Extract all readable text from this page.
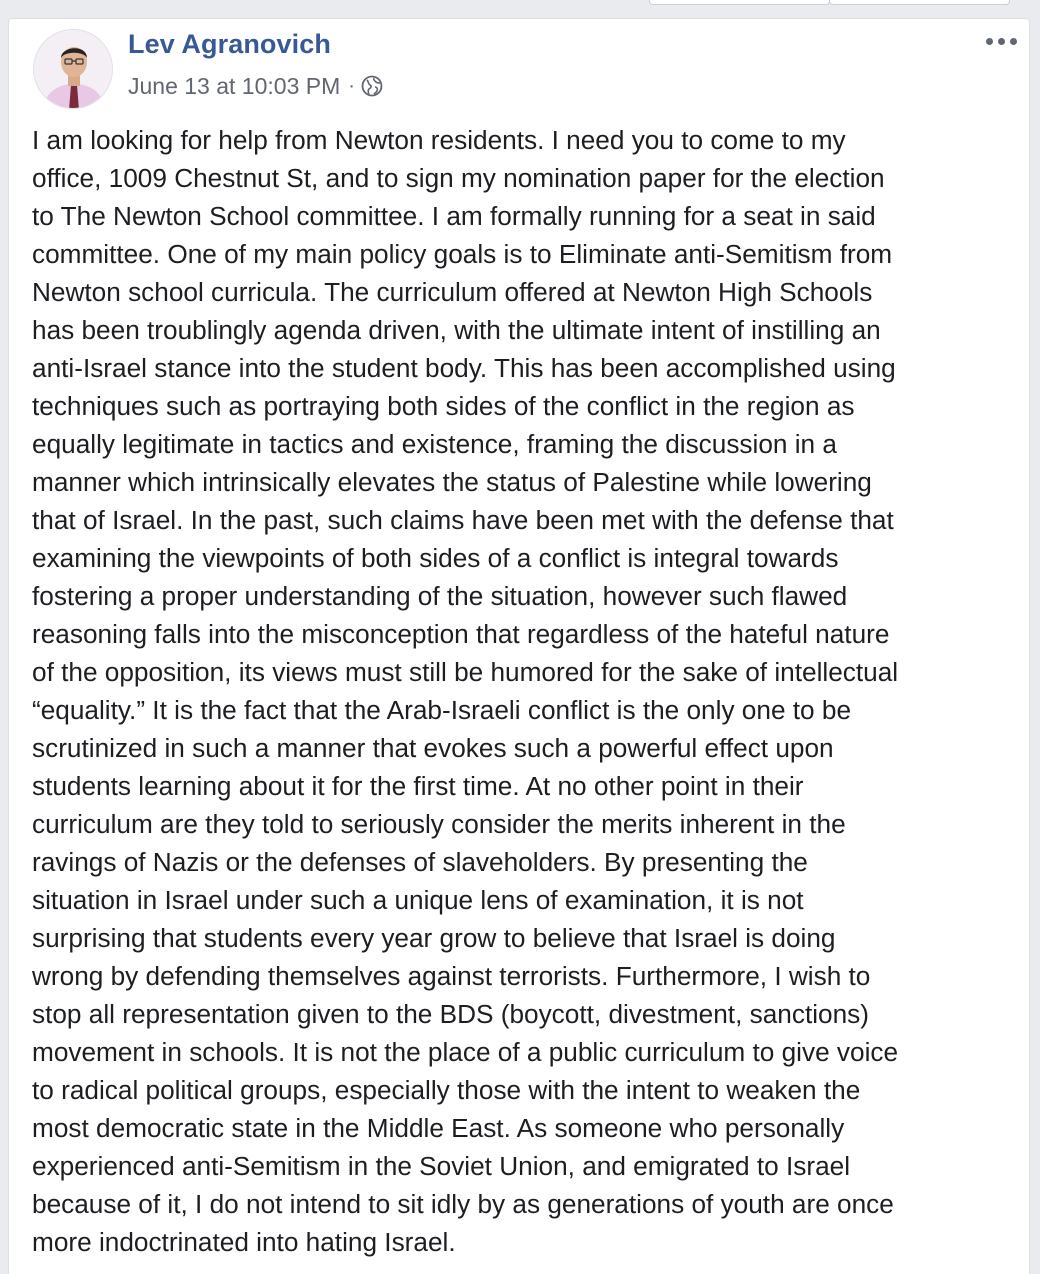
Lev Agranovich
June 13 at 10:03 PM ·

I am looking for help from Newton residents. I need you to come to my
office, 1009 Chestnut St, and to sign my nomination paper for the election
to The Newton School committee. I am formally running for a seat in said
committee. One of my main policy goals is to Eliminate anti-Semitism from
Newton school curricula. The curriculum offered at Newton High Schools
has been troublingly agenda driven, with the ultimate intent of instilling an
anti-Israel stance into the student body. This has been accomplished using
techniques such as portraying both sides of the conflict in the region as
equally legitimate in tactics and existence, framing the discussion in a
manner which intrinsically elevates the status of Palestine while lowering
that of Israel. In the past, such claims have been met with the defense that
examining the viewpoints of both sides of a conflict is integral towards
fostering a proper understanding of the situation, however such flawed
reasoning falls into the misconception that regardless of the hateful nature
of the opposition, its views must still be humored for the sake of intellectual
“equality.” It is the fact that the Arab-Israeli conflict is the only one to be
scrutinized in such a manner that evokes such a powerful effect upon
students learning about it for the first time. At no other point in their
curriculum are they told to seriously consider the merits inherent in the
ravings of Nazis or the defenses of slaveholders. By presenting the
situation in Israel under such a unique lens of examination, it is not
surprising that students every year grow to believe that Israel is doing
wrong by defending themselves against terrorists. Furthermore, I wish to
stop all representation given to the BDS (boycott, divestment, sanctions)
movement in schools. It is not the place of a public curriculum to give voice
to radical political groups, especially those with the intent to weaken the
most democratic state in the Middle East. As someone who personally
experienced anti-Semitism in the Soviet Union, and emigrated to Israel
because of it, I do not intend to sit idly by as generations of youth are once
more indoctrinated into hating Israel.
